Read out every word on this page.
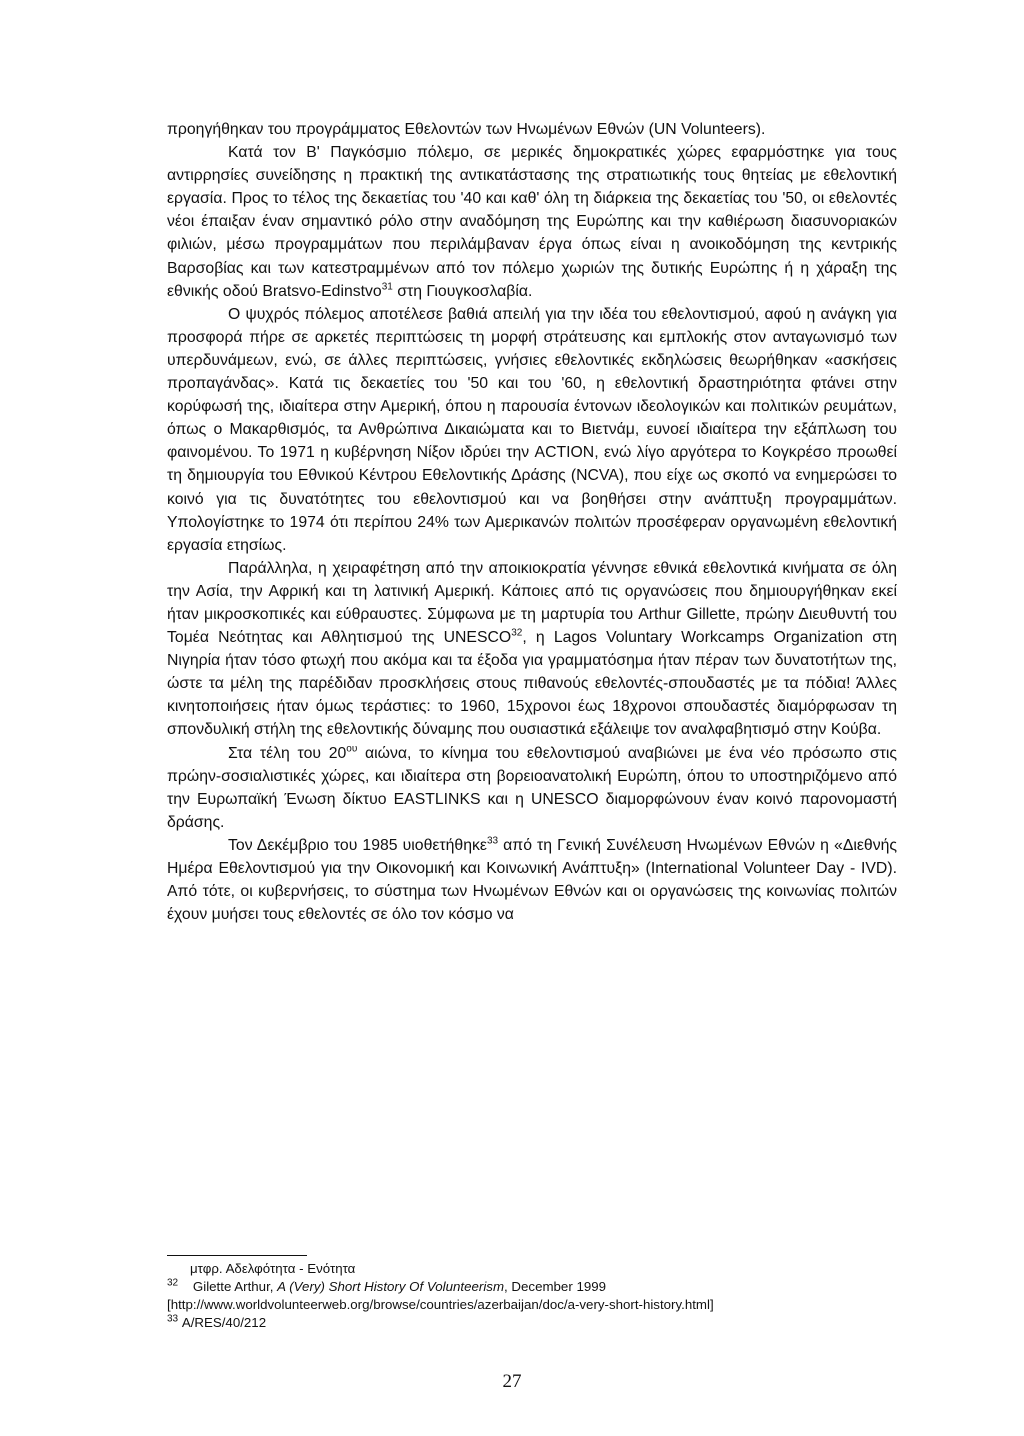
προηγήθηκαν του προγράμματος Εθελοντών των Ηνωμένων Εθνών (UN Volunteers).

Κατά τον Β' Παγκόσμιο πόλεμο, σε μερικές δημοκρατικές χώρες εφαρμόστηκε για τους αντιρρησίες συνείδησης η πρακτική της αντικατάστασης της στρατιωτικής τους θητείας με εθελοντική εργασία. Προς το τέλος της δεκαετίας του '40 και καθ' όλη τη διάρκεια της δεκαετίας του '50, οι εθελοντές νέοι έπαιξαν έναν σημαντικό ρόλο στην αναδόμηση της Ευρώπης και την καθιέρωση διασυνοριακών φιλιών, μέσω προγραμμάτων που περιλάμβαναν έργα όπως είναι η ανοικοδόμηση της κεντρικής Βαρσοβίας και των κατεστραμμένων από τον πόλεμο χωριών της δυτικής Ευρώπης ή η χάραξη της εθνικής οδού Bratsvo-Edinstvo$^{31}$ στη Γιουγκοσλαβία.

Ο ψυχρός πόλεμος αποτέλεσε βαθιά απειλή για την ιδέα του εθελοντισμού, αφού η ανάγκη για προσφορά πήρε σε αρκετές περιπτώσεις τη μορφή στράτευσης και εμπλοκής στον ανταγωνισμό των υπερδυνάμεων, ενώ, σε άλλες περιπτώσεις, γνήσιες εθελοντικές εκδηλώσεις θεωρήθηκαν «ασκήσεις προπαγάνδας». Κατά τις δεκαετίες του '50 και του '60, η εθελοντική δραστηριότητα φτάνει στην κορύφωσή της, ιδιαίτερα στην Αμερική, όπου η παρουσία έντονων ιδεολογικών και πολιτικών ρευμάτων, όπως ο Μακαρθισμός, τα Ανθρώπινα Δικαιώματα και το Βιετνάμ, ευνοεί ιδιαίτερα την εξάπλωση του φαινομένου. Το 1971 η κυβέρνηση Νίξον ιδρύει την ACTION, ενώ λίγο αργότερα το Κογκρέσο προωθεί τη δημιουργία του Εθνικού Κέντρου Εθελοντικής Δράσης (NCVA), που είχε ως σκοπό να ενημερώσει το κοινό για τις δυνατότητες του εθελοντισμού και να βοηθήσει στην ανάπτυξη προγραμμάτων. Υπολογίστηκε το 1974 ότι περίπου 24% των Αμερικανών πολιτών προσέφεραν οργανωμένη εθελοντική εργασία ετησίως.

Παράλληλα, η χειραφέτηση από την αποικιοκρατία γέννησε εθνικά εθελοντικά κινήματα σε όλη την Ασία, την Αφρική και τη λατινική Αμερική. Κάποιες από τις οργανώσεις που δημιουργήθηκαν εκεί ήταν μικροσκοπικές και εύθραυστες. Σύμφωνα με τη μαρτυρία του Arthur Gillette, πρώην Διευθυντή του Τομέα Νεότητας και Αθλητισμού της UNESCO$^{32}$, η Lagos Voluntary Workcamps Organization στη Νιγηρία ήταν τόσο φτωχή που ακόμα και τα έξοδα για γραμματόσημα ήταν πέραν των δυνατοτήτων της, ώστε τα μέλη της παρέδιδαν προσκλήσεις στους πιθανούς εθελοντές-σπουδαστές με τα πόδια! Άλλες κινητοποιήσεις ήταν όμως τεράστιες: το 1960, 15χρονοι έως 18χρονοι σπουδαστές διαμόρφωσαν τη σπονδυλική στήλη της εθελοντικής δύναμης που ουσιαστικά εξάλειψε τον αναλφαβητισμό στην Κούβα.

Στα τέλη του $20^{o\upsilon}$ αιώνα, το κίνημα του εθελοντισμού αναβιώνει με ένα νέο πρόσωπο στις πρώην-σοσιαλιστικές χώρες, και ιδιαίτερα στη βορειοανατολική Ευρώπη, όπου το υποστηριζόμενο από την Ευρωπαϊκή Ένωση δίκτυο EASTLINKS και η UNESCO διαμορφώνουν έναν κοινό παρονομαστή δράσης.

Τον Δεκέμβριο του 1985 υιοθετήθηκε$^{33}$ από τη Γενική Συνέλευση Ηνωμένων Εθνών η «Διεθνής Ημέρα Εθελοντισμού για την Οικονομική και Κοινωνική Ανάπτυξη» (International Volunteer Day - IVD). Από τότε, οι κυβερνήσεις, το σύστημα των Ηνωμένων Εθνών και οι οργανώσεις της κοινωνίας πολιτών έχουν μυήσει τους εθελοντές σε όλο τον κόσμο να

μτφρ. Αδελφότητα - Ενότητα

$^{32}$ Gilette Arthur, A (Very) Short History Of Volunteerism, December 1999

[http://www.worldvolunteerweb.org/browse/countries/azerbaijan/doc/a-very-short-history.html]

$^{33}$ A/RES/40/212

27
